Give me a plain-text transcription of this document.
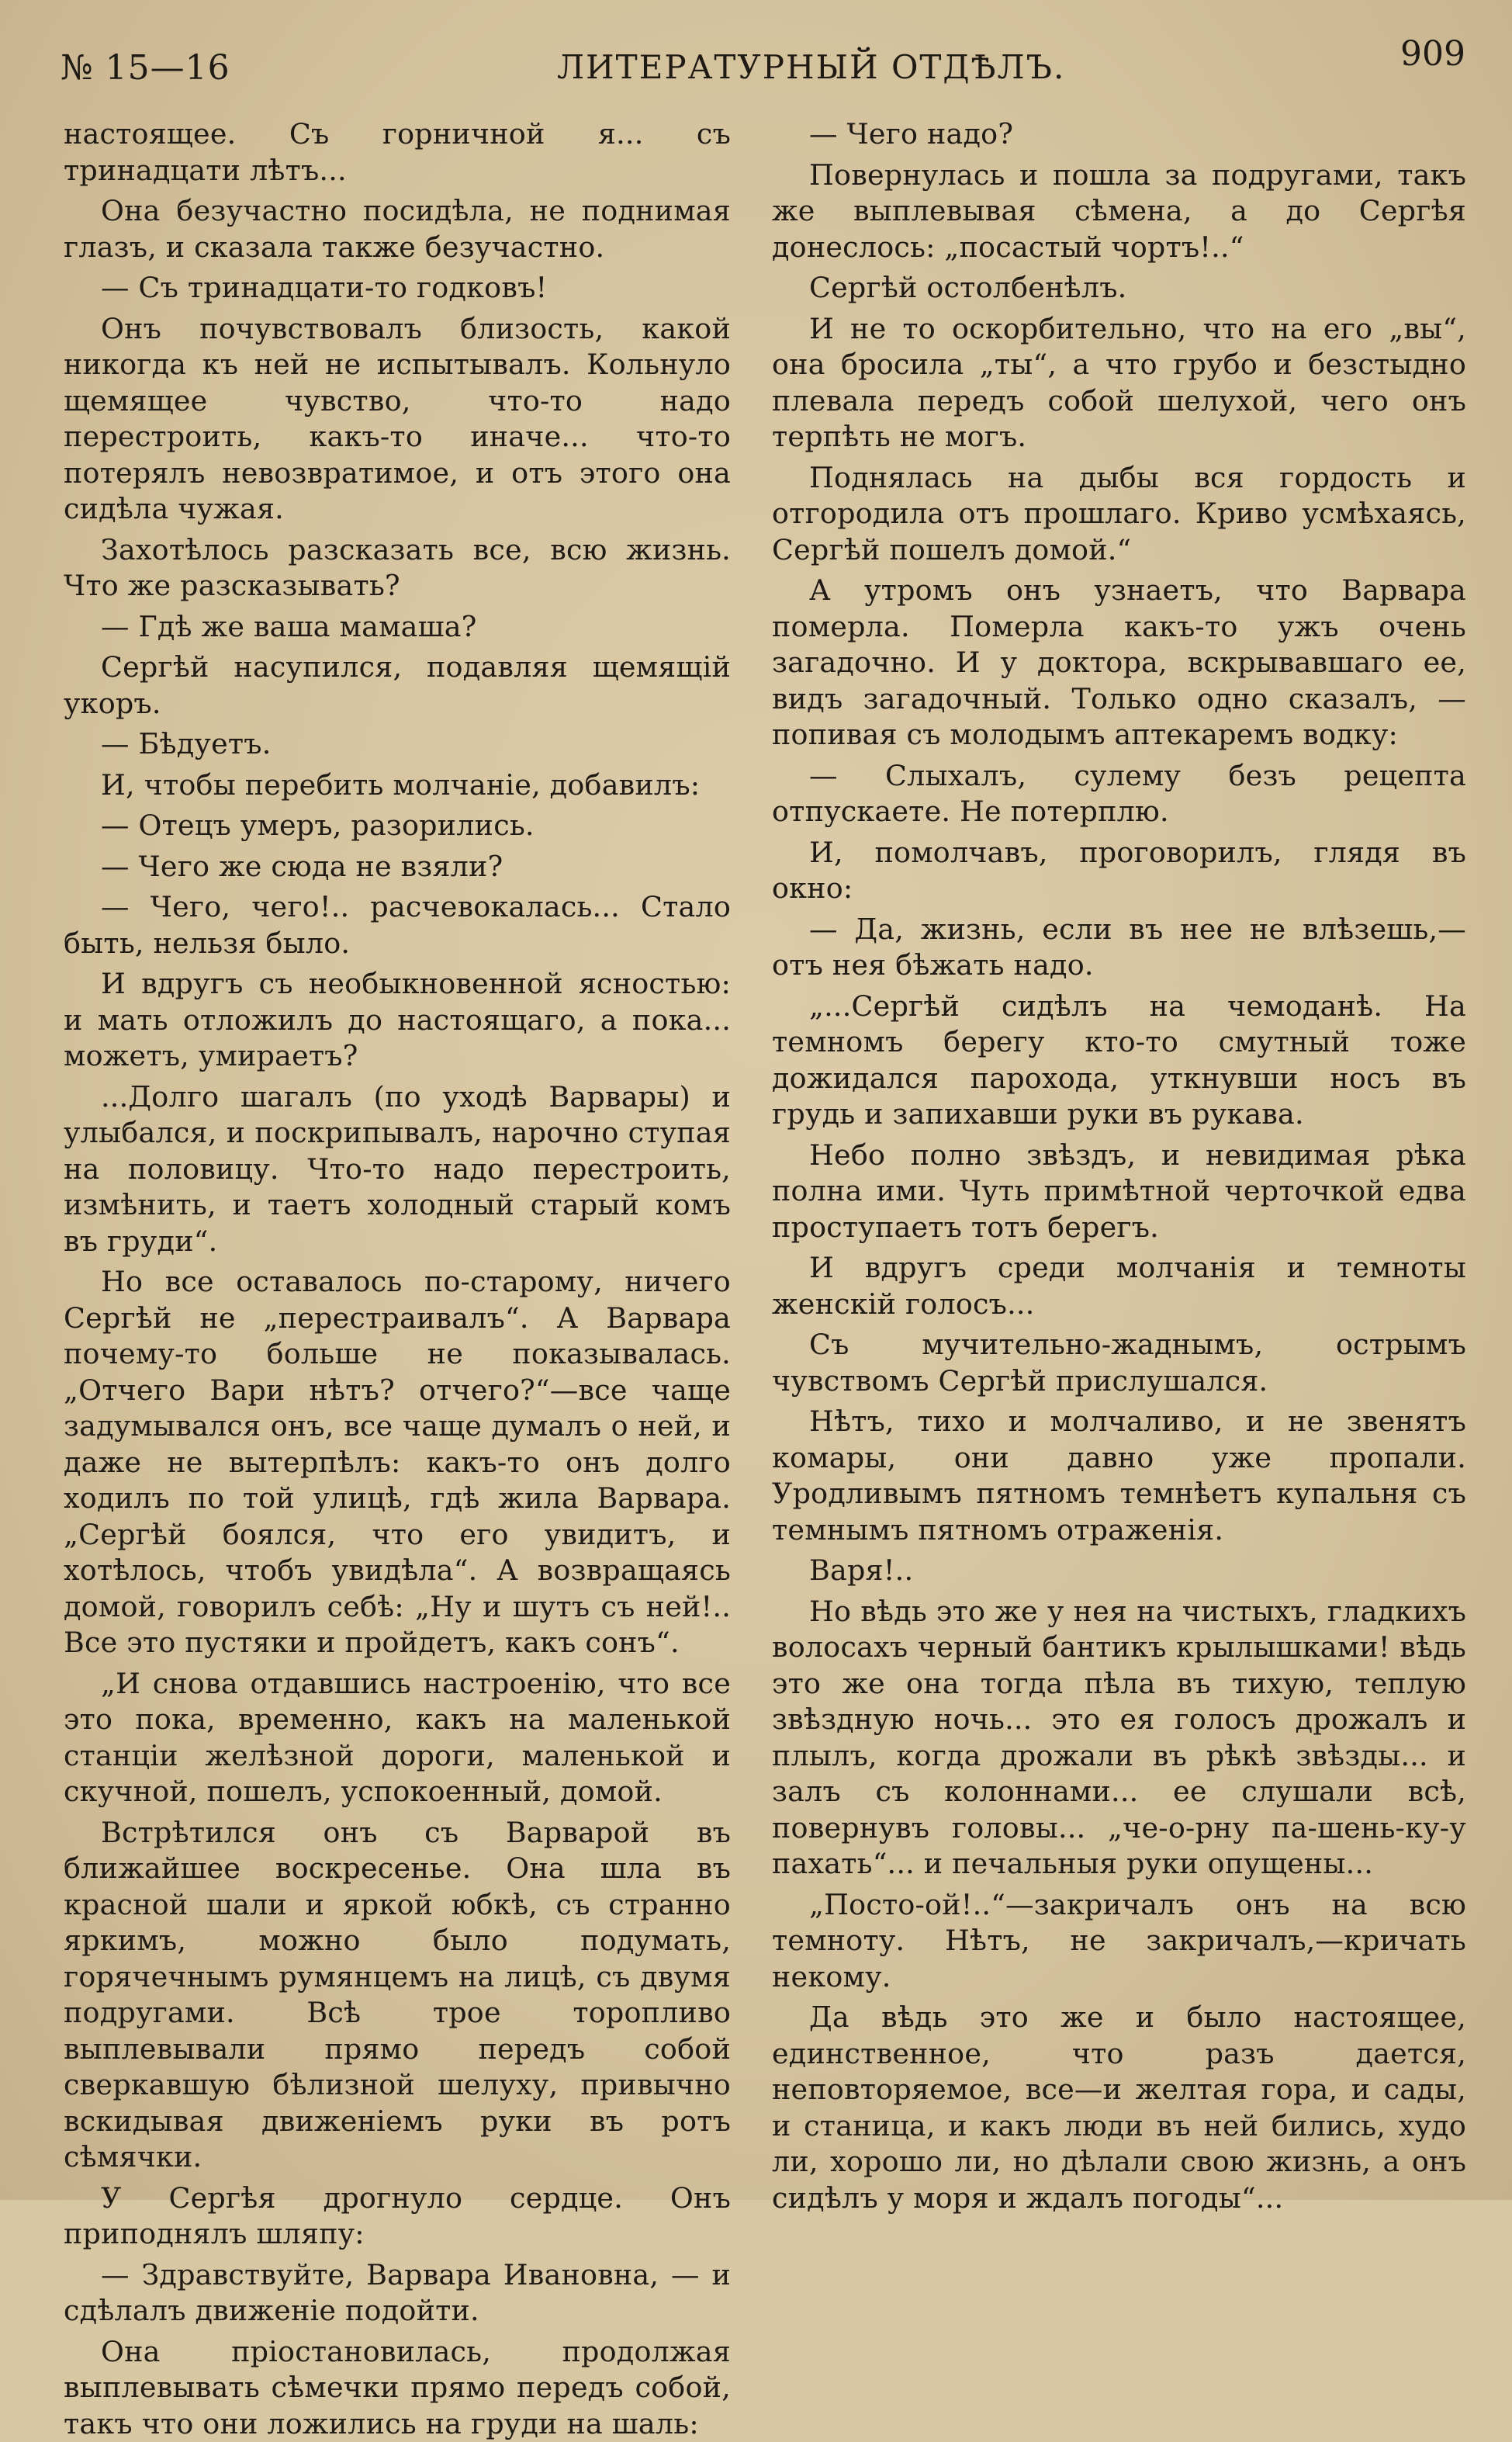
№ 15—16	ЛИТЕРАТУРНЫЙ ОТДѢЛЪ.	909

настоящее. Съ горничной я... съ тринадцати лѣтъ...

Она безучастно посидѣла, не поднимая глазъ, и сказала также безучастно.

— Съ тринадцати-то годковъ!

Онъ почувствовалъ близость, какой никогда къ ней не испытывалъ. Кольнуло щемящее чувство, что-то надо перестроить, какъ-то иначе... что-то потерялъ невозвратимое, и отъ этого она сидѣла чужая.

Захотѣлось разсказать все, всю жизнь. Что же разсказывать?

— Гдѣ же ваша мамаша?

Сергѣй насупился, подавляя щемящій укоръ.

— Бѣдуетъ.

И, чтобы перебить молчаніе, добавилъ:

— Отецъ умеръ, разорились.

— Чего же сюда не взяли?

— Чего, чего!.. расчевокалась... Стало быть, нельзя было.

И вдругъ съ необыкновенной ясностью: и мать отложилъ до настоящаго, а пока... можетъ, умираетъ?

...Долго шагалъ (по уходѣ Варвары) и улыбался, и поскрипывалъ, нарочно ступая на половицу. Что-то надо перестроить, измѣнить, и таетъ холодный старый комъ въ груди“.

Но все оставалось по-старому, ничего Сергѣй не „перестраивалъ“. А Варвара почему-то больше не показывалась. „Отчего Вари нѣтъ? отчего?“—все чаще задумывался онъ, все чаще думалъ о ней, и даже не вытерпѣлъ: какъ-то онъ долго ходилъ по той улицѣ, гдѣ жила Варвара. „Сергѣй боялся, что его увидитъ, и хотѣлось, чтобъ увидѣла“. А возвращаясь домой, говорилъ себѣ: „Ну и шутъ съ ней!.. Все это пустяки и пройдетъ, какъ сонъ“.

„И снова отдавшись настроенію, что все это пока, временно, какъ на маленькой станціи желѣзной дороги, маленькой и скучной, пошелъ, успокоенный, домой.

Встрѣтился онъ съ Варварой въ ближайшее воскресенье. Она шла въ красной шали и яркой юбкѣ, съ странно яркимъ, можно было подумать, горячечнымъ румянцемъ на лицѣ, съ двумя подругами. Всѣ трое торопливо выплевывали прямо передъ собой сверкавшую бѣлизной шелуху, привычно вскидывая движеніемъ руки въ ротъ сѣмячки.

У Сергѣя дрогнуло сердце. Онъ приподнялъ шляпу:

— Здравствуйте, Варвара Ивановна, — и сдѣлалъ движеніе подойти.

Она пріостановилась, продолжая выплевывать сѣмечки прямо передъ собой, такъ что они ложились на груди на шаль:

— Чего надо?

Повернулась и пошла за подругами, такъ же выплевывая сѣмена, а до Сергѣя донеслось: „посастый чортъ!..“

Сергѣй остолбенѣлъ.

И не то оскорбительно, что на его „вы“, она бросила „ты“, а что грубо и безстыдно плевала передъ собой шелухой, чего онъ терпѣть не могъ.

Поднялась на дыбы вся гордость и отгородила отъ прошлаго. Криво усмѣхаясь, Сергѣй пошелъ домой.“

А утромъ онъ узнаетъ, что Варвара померла. Померла какъ-то ужъ очень загадочно. И у доктора, вскрывавшаго ее, видъ загадочный. Только одно сказалъ, — попивая съ молодымъ аптекаремъ водку:

— Слыхалъ, сулему безъ рецепта отпускаете. Не потерплю.

И, помолчавъ, проговорилъ, глядя въ окно:

— Да, жизнь, если въ нее не влѣзешь,— отъ нея бѣжать надо.

„...Сергѣй сидѣлъ на чемоданѣ. На темномъ берегу кто-то смутный тоже дожидался парохода, уткнувши носъ въ грудь и запихавши руки въ рукава.

Небо полно звѣздъ, и невидимая рѣка полна ими. Чуть примѣтной черточкой едва проступаетъ тотъ берегъ.

И вдругъ среди молчанія и темноты женскій голосъ...

Съ мучительно-жаднымъ, острымъ чувствомъ Сергѣй прислушался.

Нѣтъ, тихо и молчаливо, и не звенятъ комары, они давно уже пропали. Уродливымъ пятномъ темнѣетъ купальня съ темнымъ пятномъ отраженія.

Варя!..

Но вѣдь это же у нея на чистыхъ, гладкихъ волосахъ черный бантикъ крылышками! вѣдь это же она тогда пѣла въ тихую, теплую звѣздную ночь... это ея голосъ дрожалъ и плылъ, когда дрожали въ рѣкѣ звѣзды... и залъ съ колоннами... ее слушали всѣ, повернувъ головы... „че-о-рну па-шень-ку-у пахать“... и печальныя руки опущены...

„Посто-ой!..“—закричалъ онъ на всю темноту. Нѣтъ, не закричалъ,—кричать некому.

Да вѣдь это же и было настоящее, единственное, что разъ дается, неповторяемое, все—и желтая гора, и сады, и станица, и какъ люди въ ней бились, худо ли, хорошо ли, но дѣлали свою жизнь, а онъ сидѣлъ у моря и ждалъ погоды“...
